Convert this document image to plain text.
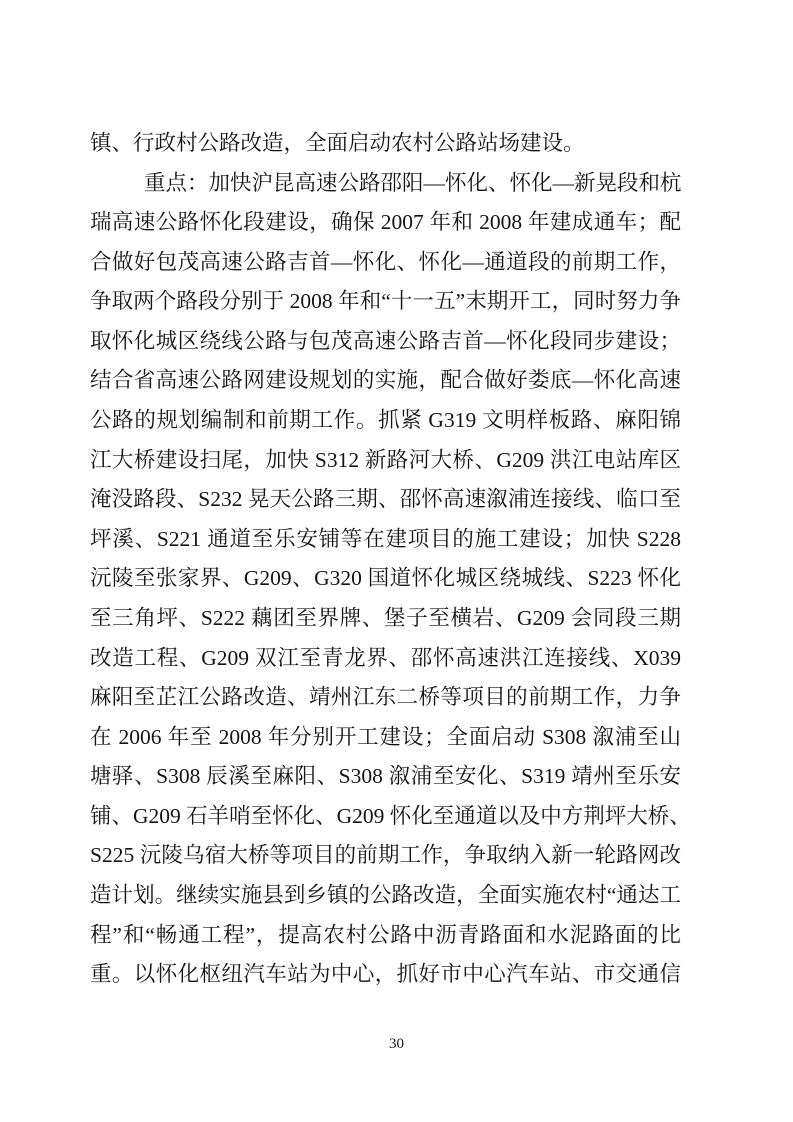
镇、行政村公路改造，全面启动农村公路站场建设。
重点：加快沪昆高速公路邵阳—怀化、怀化—新晃段和杭
瑞高速公路怀化段建设，确保 2007 年和 2008 年建成通车；配
合做好包茂高速公路吉首—怀化、怀化—通道段的前期工作，
争取两个路段分别于 2008 年和“十一五”末期开工，同时努力争
取怀化城区绕线公路与包茂高速公路吉首—怀化段同步建设；
结合省高速公路网建设规划的实施，配合做好娄底—怀化高速
公路的规划编制和前期工作。抓紧 G319 文明样板路、麻阳锦
江大桥建设扫尾，加快 S312 新路河大桥、G209 洪江电站库区
淹没路段、S232 晃天公路三期、邵怀高速溆浦连接线、临口至
坪溪、S221 通道至乐安铺等在建项目的施工建设；加快 S228
沅陵至张家界、G209、G320 国道怀化城区绕城线、S223 怀化
至三角坪、S222 藕团至界牌、堡子至横岩、G209 会同段三期
改造工程、G209 双江至青龙界、邵怀高速洪江连接线、X039
麻阳至芷江公路改造、靖州江东二桥等项目的前期工作，力争
在 2006 年至 2008 年分别开工建设；全面启动 S308 溆浦至山
塘驿、S308 辰溪至麻阳、S308 溆浦至安化、S319 靖州至乐安
铺、G209 石羊哨至怀化、G209 怀化至通道以及中方荆坪大桥、
S225 沅陵乌宿大桥等项目的前期工作，争取纳入新一轮路网改
造计划。继续实施县到乡镇的公路改造，全面实施农村“通达工
程”和“畅通工程”，提高农村公路中沥青路面和水泥路面的比
重。以怀化枢纽汽车站为中心，抓好市中心汽车站、市交通信
30
